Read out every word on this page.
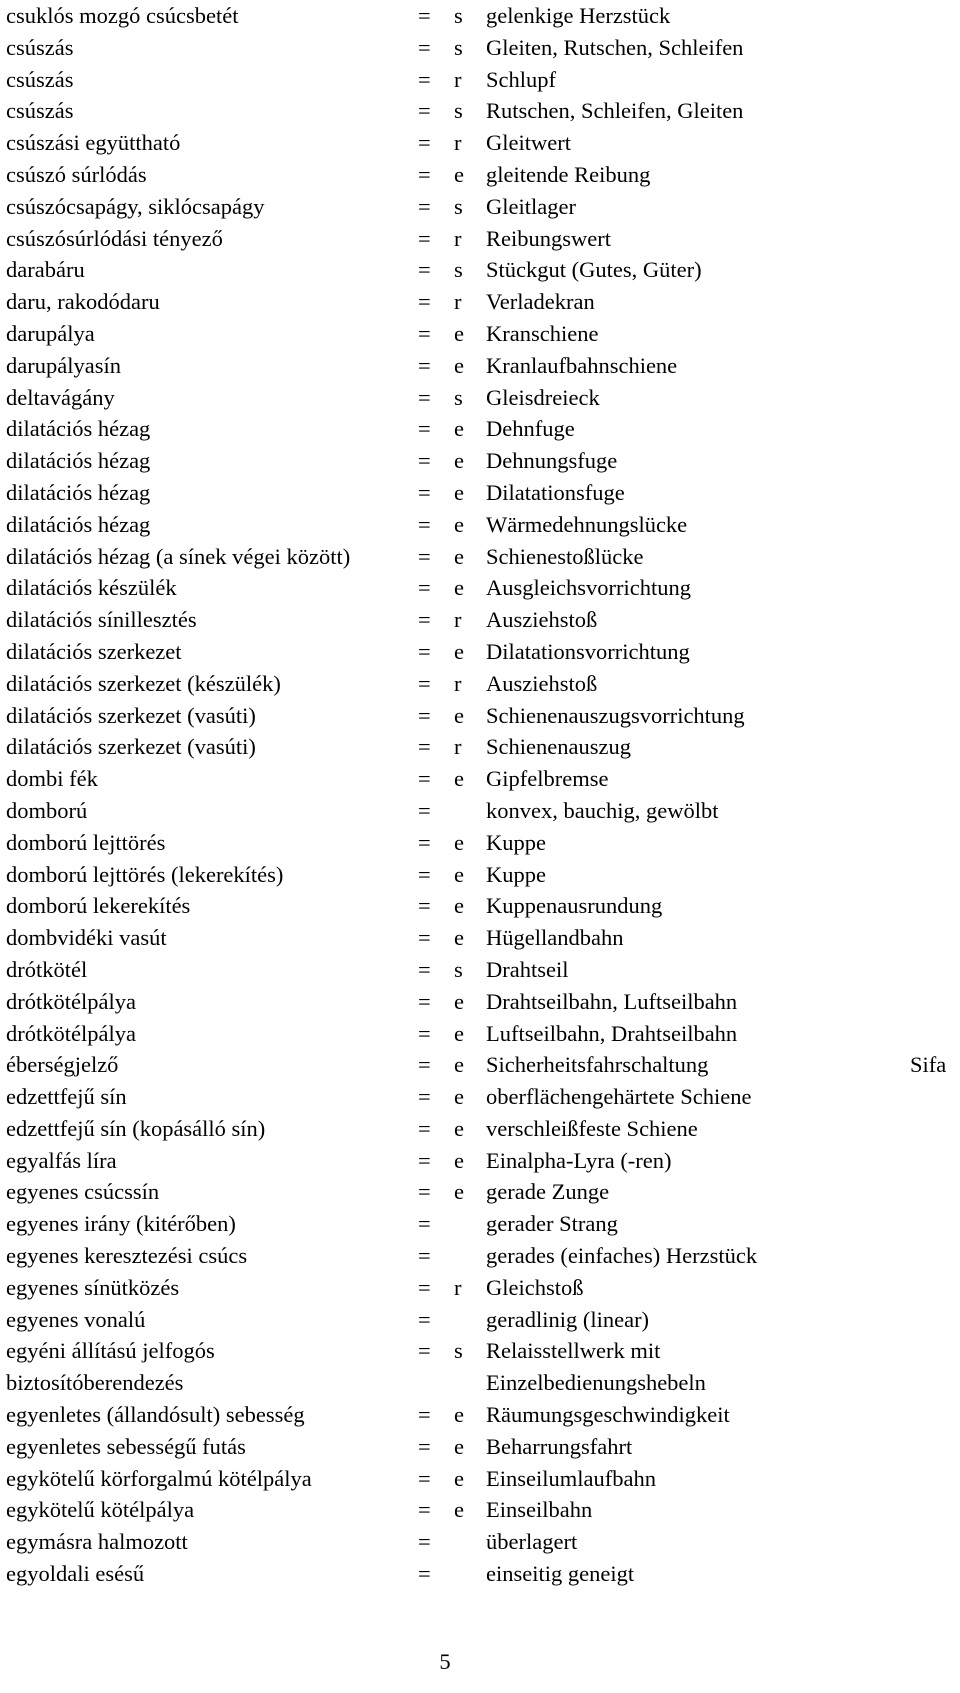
csuklós mozgó csúcsbetét	= s gelenkige Herzstück
csúszás	= s Gleiten, Rutschen, Schleifen
csúszás	= r Schlupf
csúszás	= s Rutschen, Schleifen, Gleiten
csúszási együttható	= r Gleitwert
csúszó súrlódás	= e gleitende Reibung
csúszócsapágy, siklócsapágy	= s Gleitlager
csúszósúrlódási tényező	= r Reibungswert
darabáru	= s Stückgut (Gutes, Güter)
daru, rakodódaru	= r Verladekran
darupálya	= e Kranschiene
darupályasín	= e Kranlaufbahnschiene
deltavágány	= s Gleisdreieck
dilatációs hézag	= e Dehnfuge
dilatációs hézag	= e Dehnungsfuge
dilatációs hézag	= e Dilatationsfuge
dilatációs hézag	= e Wärmedehnungslücke
dilatációs hézag (a sínek végei között)	= e Schienestoßlücke
dilatációs készülék	= e Ausgleichsvorrichtung
dilatációs sínillesztés	= r Ausziehstoß
dilatációs szerkezet	= e Dilatationsvorrichtung
dilatációs szerkezet (készülék)	= r Ausziehstoß
dilatációs szerkezet (vasúti)	= e Schienenauszugsvorrichtung
dilatációs szerkezet (vasúti)	= r Schienenauszug
dombi fék	= e Gipfelbremse
domború	= konvex, bauchig, gewölbt
domború lejttörés	= e Kuppe
domború lejttörés (lekerekítés)	= e Kuppe
domború lekerekítés	= e Kuppenausrundung
dombvidéki vasút	= e Hügellandbahn
drótkötél	= s Drahtseil
drótkötélpálya	= e Drahtseilbahn, Luftseilbahn
drótkötélpálya	= e Luftseilbahn, Drahtseilbahn
éberségjelző	= e Sicherheitsfahrschaltung	Sifa
edzettfejű sín	= e oberflächengehärtete Schiene
edzettfejű sín (kopásálló sín)	= e verschleißfeste Schiene
egyalfás líra	= e Einalpha-Lyra (-ren)
egyenes csúcssín	= e gerade Zunge
egyenes irány (kitérőben)	= gerader Strang
egyenes keresztezési csúcs	= gerades (einfaches) Herzstück
egyenes sínütközés	= r Gleichstoß
egyenes vonalú	= geradlinig (linear)
egyéni állítású jelfogós	= s Relaisstellwerk mit
biztosítóberendezés	Einzelbedienungshebeln
egyenletes (állandósult) sebesség	= e Räumungsgeschwindigkeit
egyenletes sebességű futás	= e Beharrungsfahrt
egykötelű körforgalmú kötélpálya	= e Einseilumlaufbahn
egykötelű kötélpálya	= e Einseilbahn
egymásra halmozott	= überlagert
egyoldali esésű	= einseitig geneigt
5
